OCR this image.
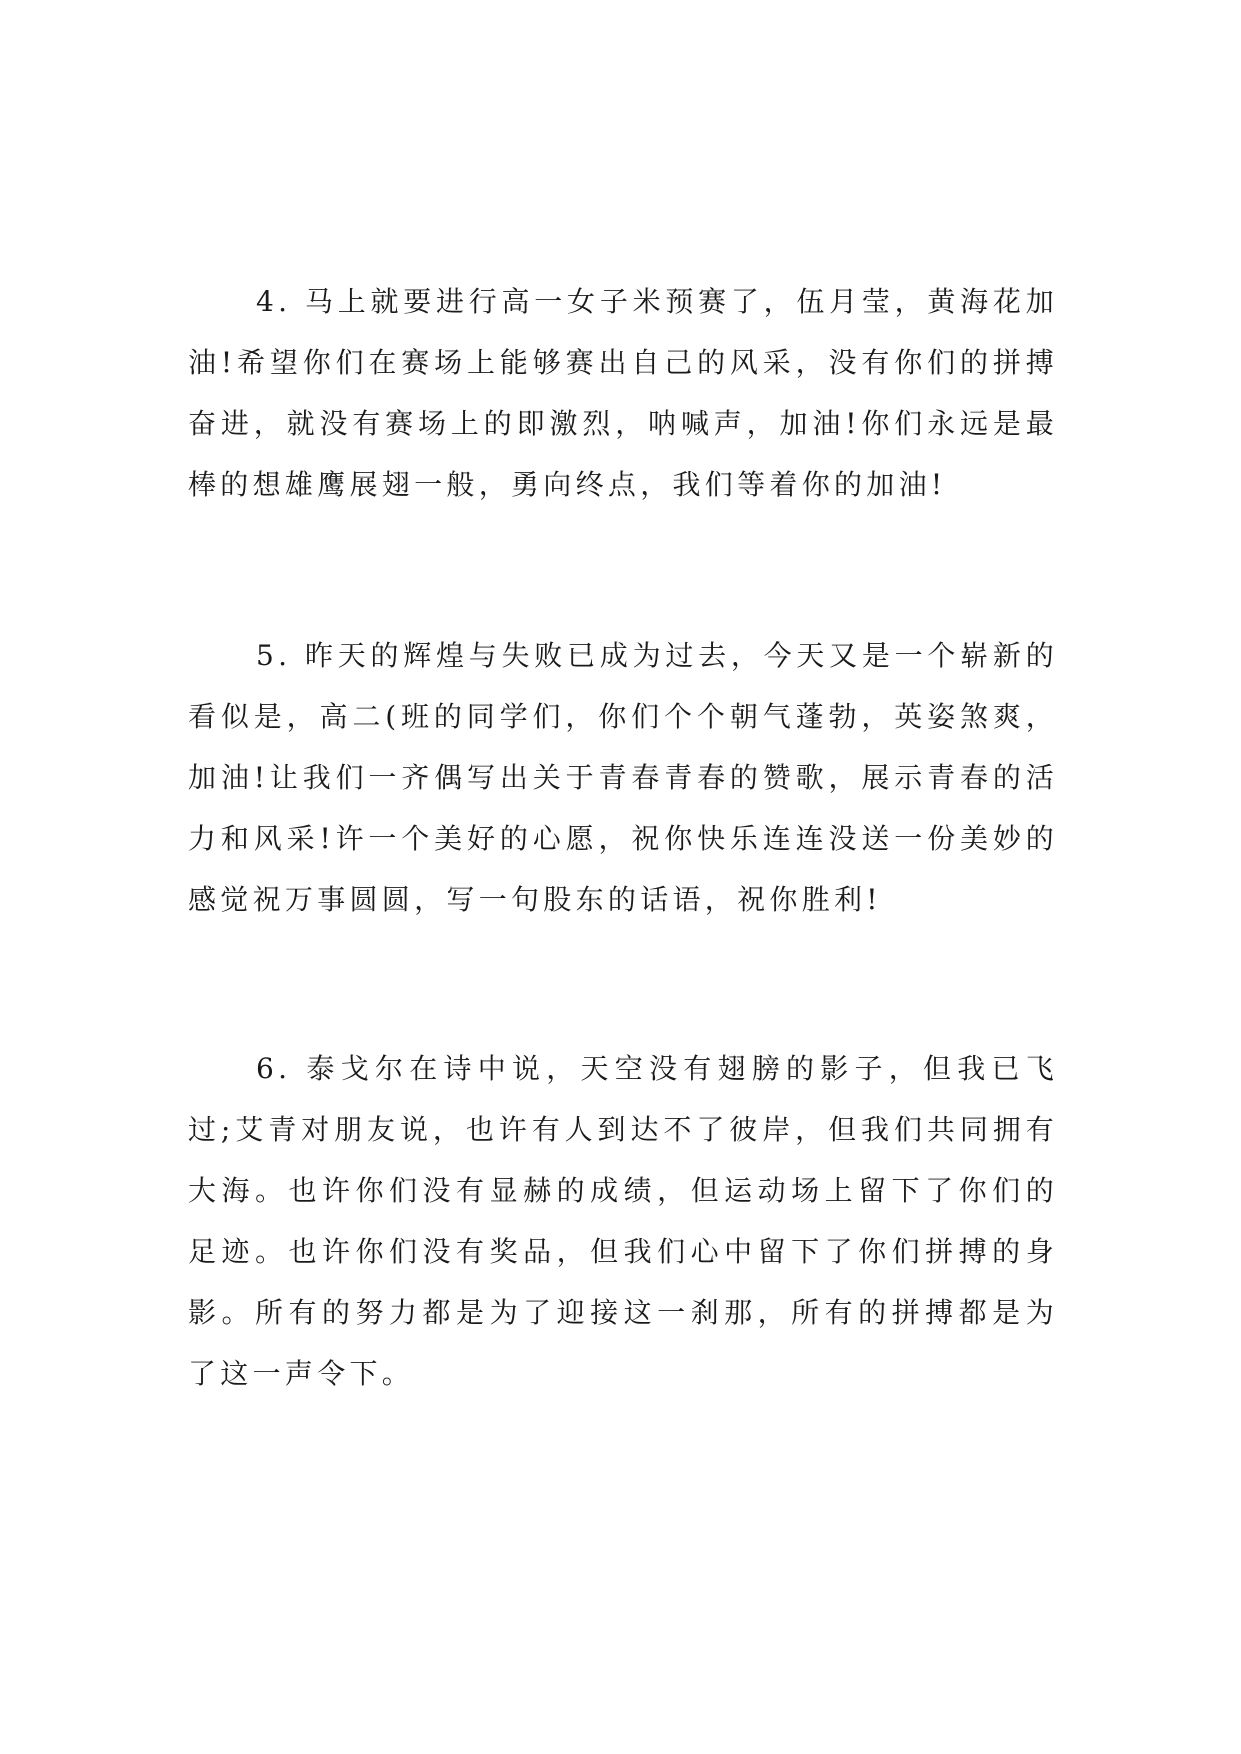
4. 马上就要进行高一女子米预赛了，伍月莹，黄海花加油!希望你们在赛场上能够赛出自己的风采，没有你们的拼搏奋进，就没有赛场上的即激烈，呐喊声，加油!你们永远是最棒的想雄鹰展翅一般，勇向终点，我们等着你的加油!

5. 昨天的辉煌与失败已成为过去，今天又是一个崭新的看似是，高二(班的同学们，你们个个朝气蓬勃，英姿煞爽，加油!让我们一齐偶写出关于青春青春的赞歌，展示青春的活力和风采!许一个美好的心愿，祝你快乐连连没送一份美妙的感觉祝万事圆圆，写一句股东的话语，祝你胜利!

6. 泰戈尔在诗中说，天空没有翅膀的影子，但我已飞过;艾青对朋友说，也许有人到达不了彼岸，但我们共同拥有大海。也许你们没有显赫的成绩，但运动场上留下了你们的足迹。也许你们没有奖品，但我们心中留下了你们拼搏的身影。所有的努力都是为了迎接这一刹那，所有的拼搏都是为了这一声令下。
